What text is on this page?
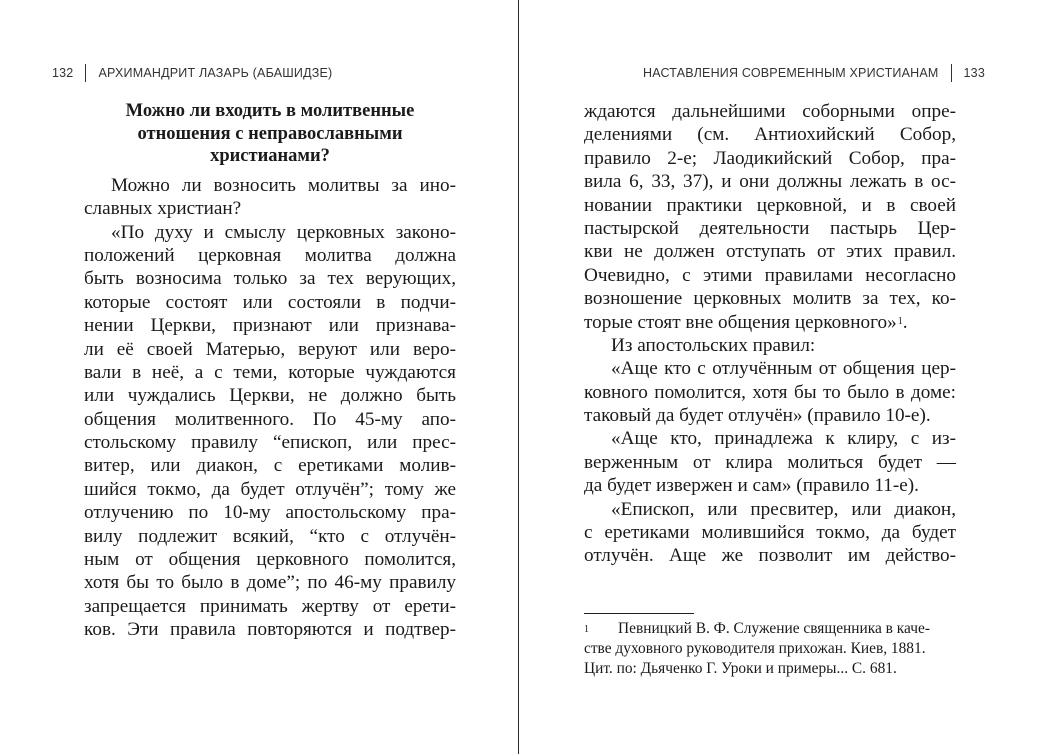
132 АРХИМАНДРИТ ЛАЗАРЬ (АБАШИДЗЕ)
Можно ли входить в молитвенные
отношения с неправославными
христианами?
Можно ли возносить молитвы за ино-
славных христиан?
«По духу и смыслу церковных законо-
положений церковная молитва должна
быть возносима только за тех верующих,
которые состоят или состояли в подчи-
нении Церкви, признают или признава-
ли её своей Матерью, веруют или веро-
вали в неё, а с теми, которые чуждаются
или чуждались Церкви, не должно быть
общения молитвенного. По 45-му апо-
стольскому правилу “епископ, или прес-
витер, или диакон, с еретиками молив-
шийся токмо, да будет отлучён”; тому же
отлучению по 10-му апостольскому пра-
вилу подлежит всякий, “кто с отлучён-
ным от общения церковного помолится,
хотя бы то было в доме”; по 46-му правилу
запрещается принимать жертву от ерети-
ков. Эти правила повторяются и подтвер-
НАСТАВЛЕНИЯ СОВРЕМЕННЫМ ХРИСТИАНАМ 133
ждаются дальнейшими соборными опре-
делениями (см. Антиохийский Собор,
правило 2-е; Лаодикийский Собор, пра-
вила 6, 33, 37), и они должны лежать в ос-
новании практики церковной, и в своей
пастырской деятельности пастырь Цер-
кви не должен отступать от этих правил.
Очевидно, с этими правилами несогласно
возношение церковных молитв за тех, ко-
торые стоят вне общения церковного»$^1$.
Из апостольских правил:
«Аще кто с отлучённым от общения цер-
ковного помолится, хотя бы то было в доме:
таковый да будет отлучён» (правило 10-е).
«Аще кто, принадлежа к клиру, с из-
верженным от клира молиться будет —
да будет извержен и сам» (правило 11-е).
«Епископ, или пресвитер, или диакон,
с еретиками молившийся токмо, да будет
отлучён. Аще же позволит им действо-
1 Певницкий В. Ф. Служение священника в каче-
стве духовного руководителя прихожан. Киев, 1881.
Цит. по: Дьяченко Г. Уроки и примеры... С. 681.
